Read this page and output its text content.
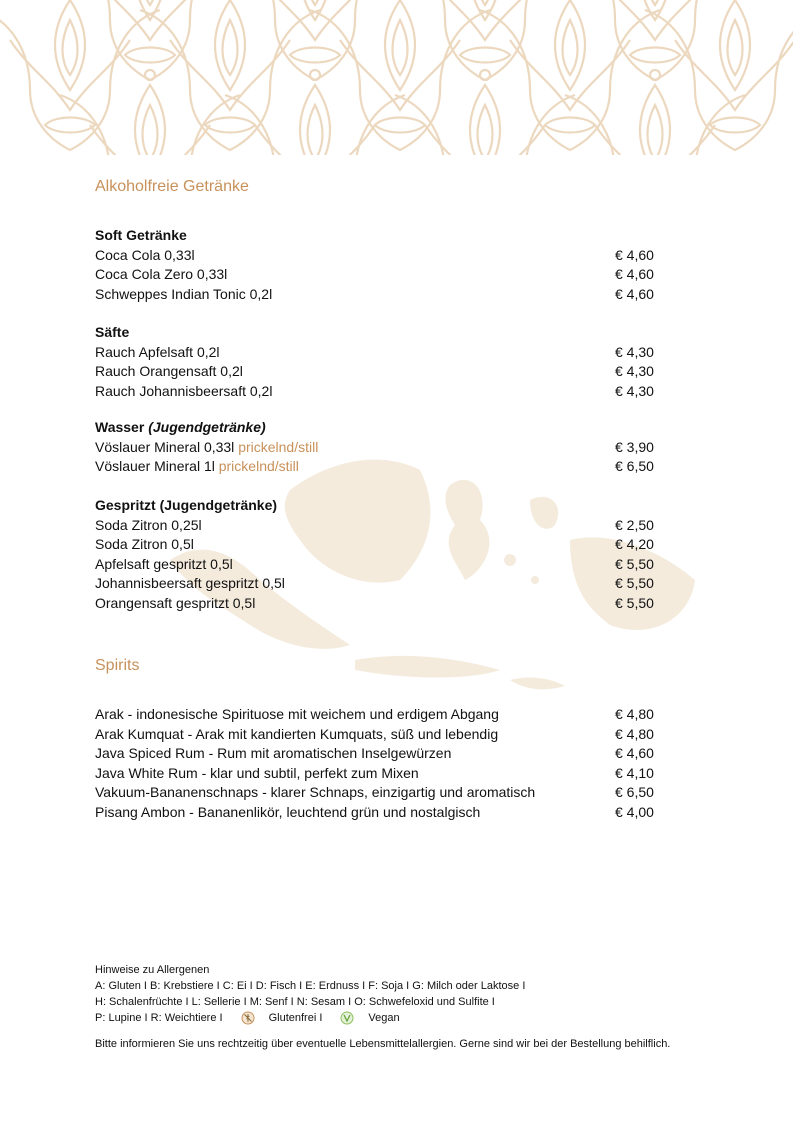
Alkoholfreie Getränke
Soft Getränke
Coca Cola 0,33l	€ 4,60
Coca Cola Zero 0,33l	€ 4,60
Schweppes Indian Tonic 0,2l	€ 4,60
Säfte
Rauch Apfelsaft 0,2l	€ 4,30
Rauch Orangensaft 0,2l	€ 4,30
Rauch Johannisbeersaft 0,2l	€ 4,30
Wasser (Jugendgetränke)
Vöslauer Mineral 0,33l prickelnd/still	€ 3,90
Vöslauer Mineral 1l prickelnd/still	€ 6,50
Gespritzt (Jugendgetränke)
Soda Zitron 0,25l	€ 2,50
Soda Zitron 0,5l	€ 4,20
Apfelsaft gespritzt 0,5l	€ 5,50
Johannisbeersaft gespritzt 0,5l	€ 5,50
Orangensaft gespritzt 0,5l	€ 5,50
Spirits
Arak - indonesische Spirituose mit weichem und erdigem Abgang	€ 4,80
Arak Kumquat - Arak mit kandierten Kumquats, süß und lebendig	€ 4,80
Java Spiced Rum - Rum mit aromatischen Inselgewürzen	€ 4,60
Java White Rum - klar und subtil, perfekt zum Mixen	€ 4,10
Vakuum-Bananenschnaps - klarer Schnaps, einzigartig und aromatisch	€ 6,50
Pisang Ambon - Bananenlikör, leuchtend grün und nostalgisch	€ 4,00

Hinweise zu Allergenen

A: Gluten I B: Krebstiere I C: Ei I D: Fisch I E: Erdnuss I F: Soja I G: Milch oder Laktose I

H: Schalenfrüchte I L: Sellerie I M: Senf I N: Sesam I O: Schwefeloxid und Sulfite I

P: Lupine I R: Weichtiere I	Glutenfrei I	Vegan

Bitte informieren Sie uns rechtzeitig über eventuelle Lebensmittelallergien. Gerne sind wir bei der Bestellung behilflich.
